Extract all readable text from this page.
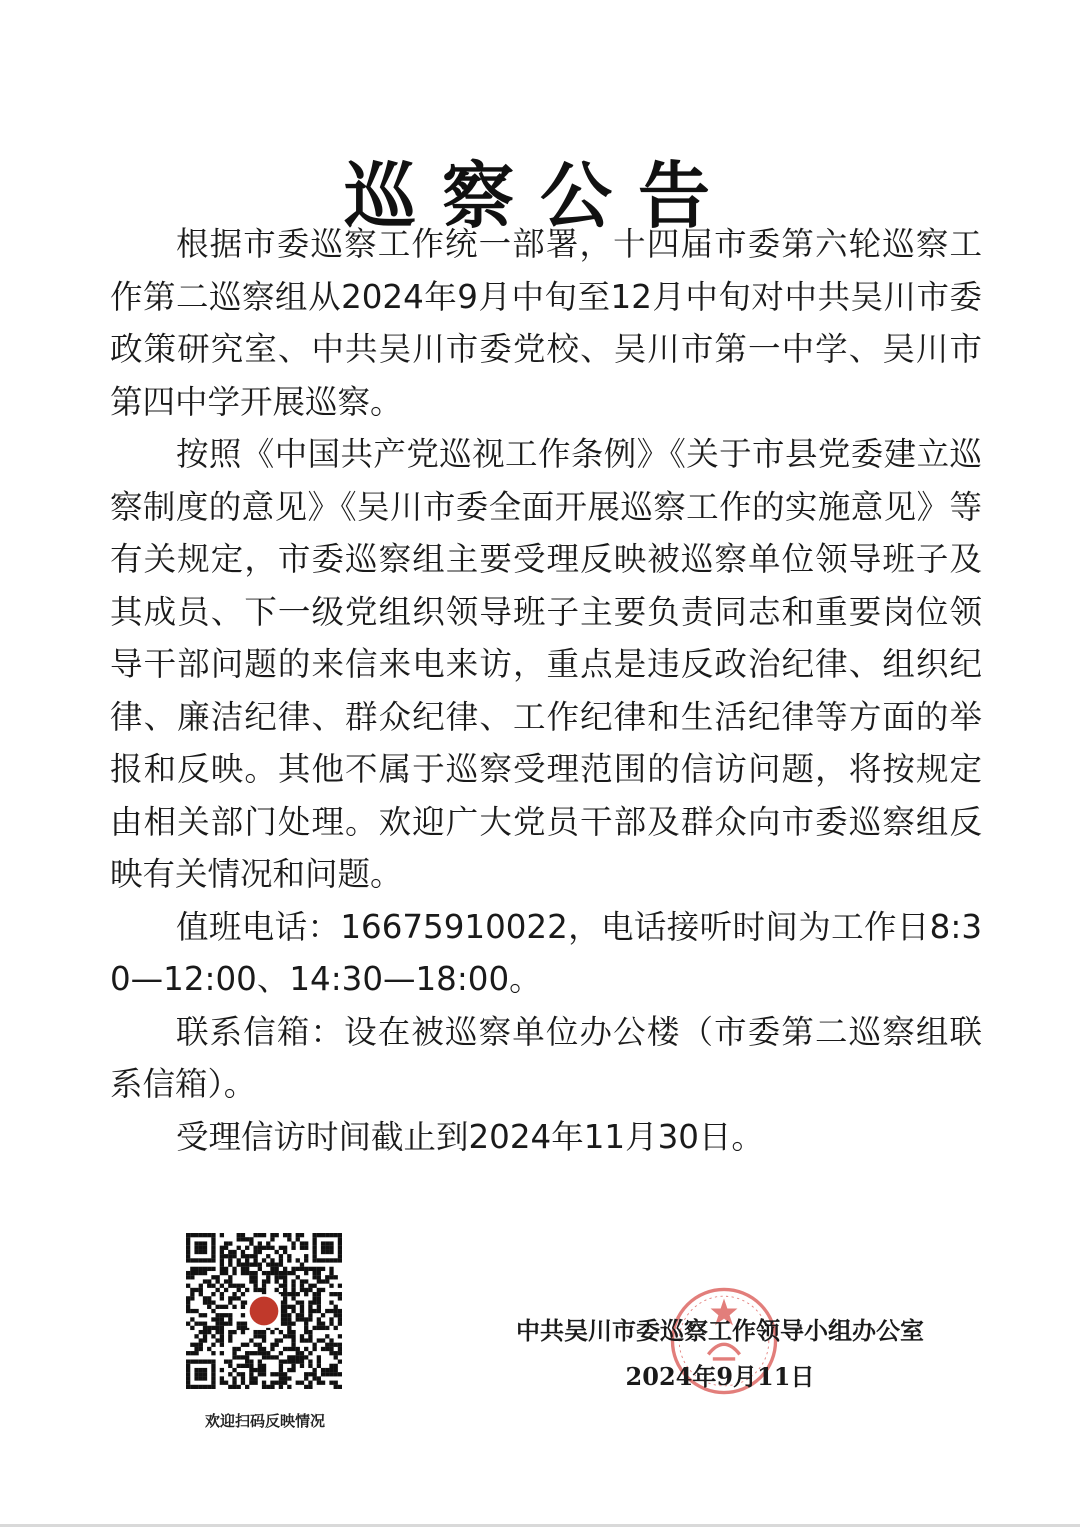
巡察公告

根据市委巡察工作统一部署，十四届市委第六轮巡察工作第二巡察组从2024年9月中旬至12月中旬对中共吴川市委政策研究室、中共吴川市委党校、吴川市第一中学、吴川市第四中学开展巡察。

按照《中国共产党巡视工作条例》《关于市县党委建立巡察制度的意见》《吴川市委全面开展巡察工作的实施意见》等有关规定，市委巡察组主要受理反映被巡察单位领导班子及其成员、下一级党组织领导班子主要负责同志和重要岗位领导干部问题的来信来电来访，重点是违反政治纪律、组织纪律、廉洁纪律、群众纪律、工作纪律和生活纪律等方面的举报和反映。其他不属于巡察受理范围的信访问题，将按规定由相关部门处理。欢迎广大党员干部及群众向市委巡察组反映有关情况和问题。

值班电话：16675910022，电话接听时间为工作日8:30—12:00、14:30—18:00。

联系信箱：设在被巡察单位办公楼（市委第二巡察组联系信箱）。

受理信访时间截止到2024年11月30日。

欢迎扫码反映情况
中共吴川市委巡察工作领导小组办公室
2024年9月11日
